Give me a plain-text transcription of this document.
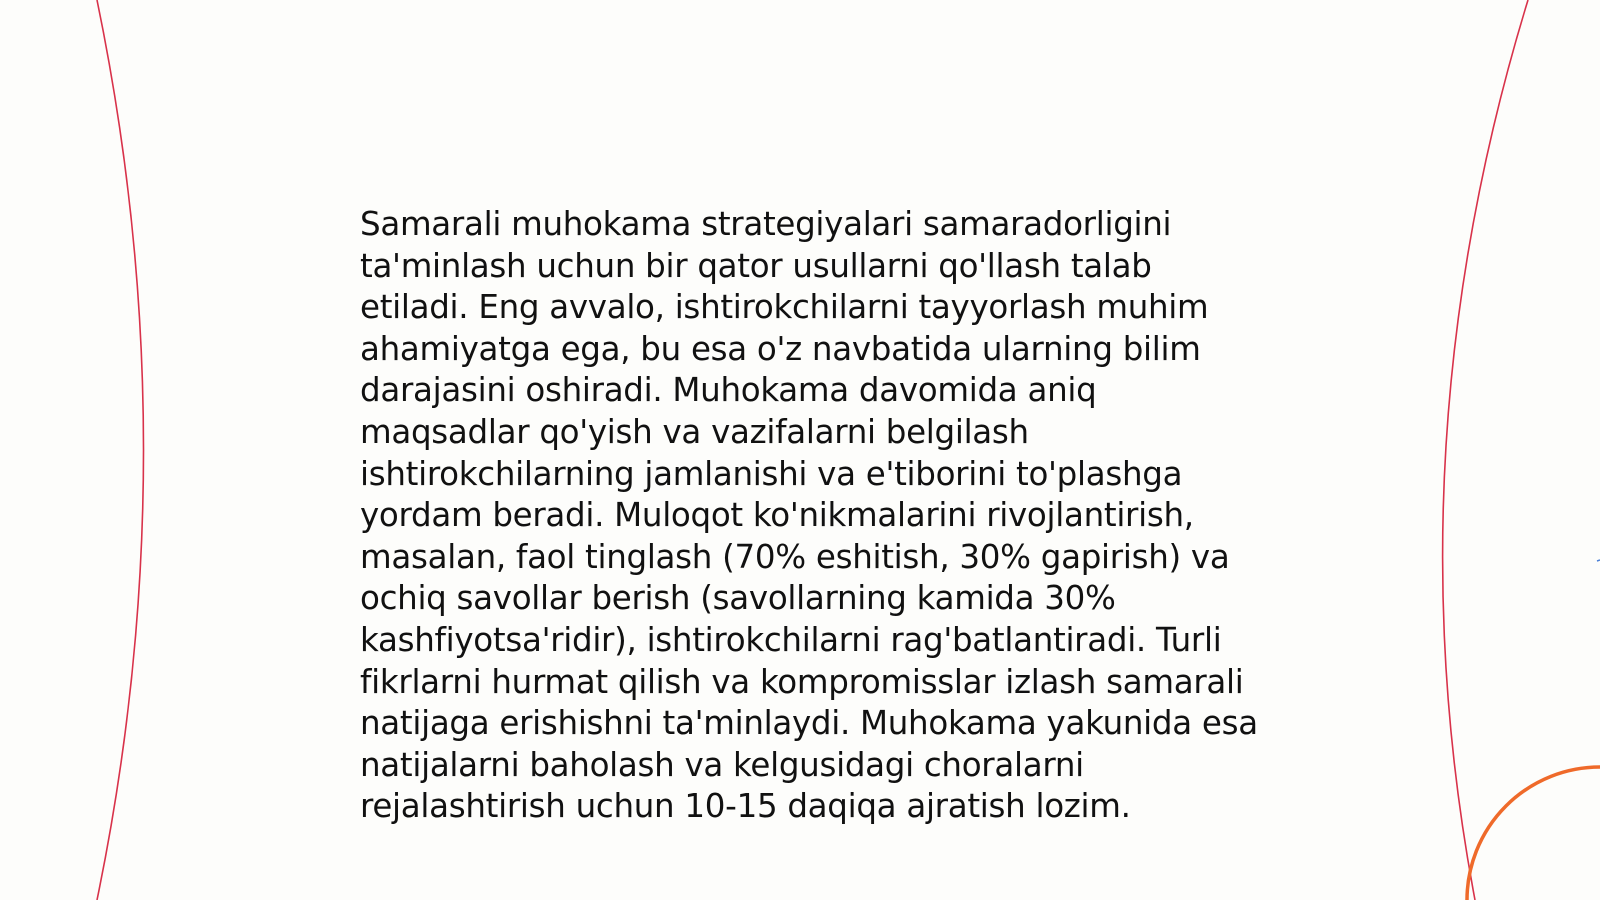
Samarali muhokama strategiyalari samaradorligini ta'minlash uchun bir qator usullarni qo'llash talab etiladi. Eng avvalo, ishtirokchilarni tayyorlash muhim ahamiyatga ega, bu esa o'z navbatida ularning bilim darajasini oshiradi. Muhokama davomida aniq maqsadlar qo'yish va vazifalarni belgilash ishtirokchilarning jamlanishi va e'tiborini to'plashga yordam beradi. Muloqot ko'nikmalarini rivojlantirish, masalan, faol tinglash (70% eshitish, 30% gapirish) va ochiq savollar berish (savollarning kamida 30% kashfiyotsa'ridir), ishtirokchilarni rag'batlantiradi. Turli fikrlarni hurmat qilish va kompromisslar izlash samarali natijaga erishishni ta'minlaydi. Muhokama yakunida esa natijalarni baholash va kelgusidagi choralarni rejalashtirish uchun 10-15 daqiqa ajratish lozim.
